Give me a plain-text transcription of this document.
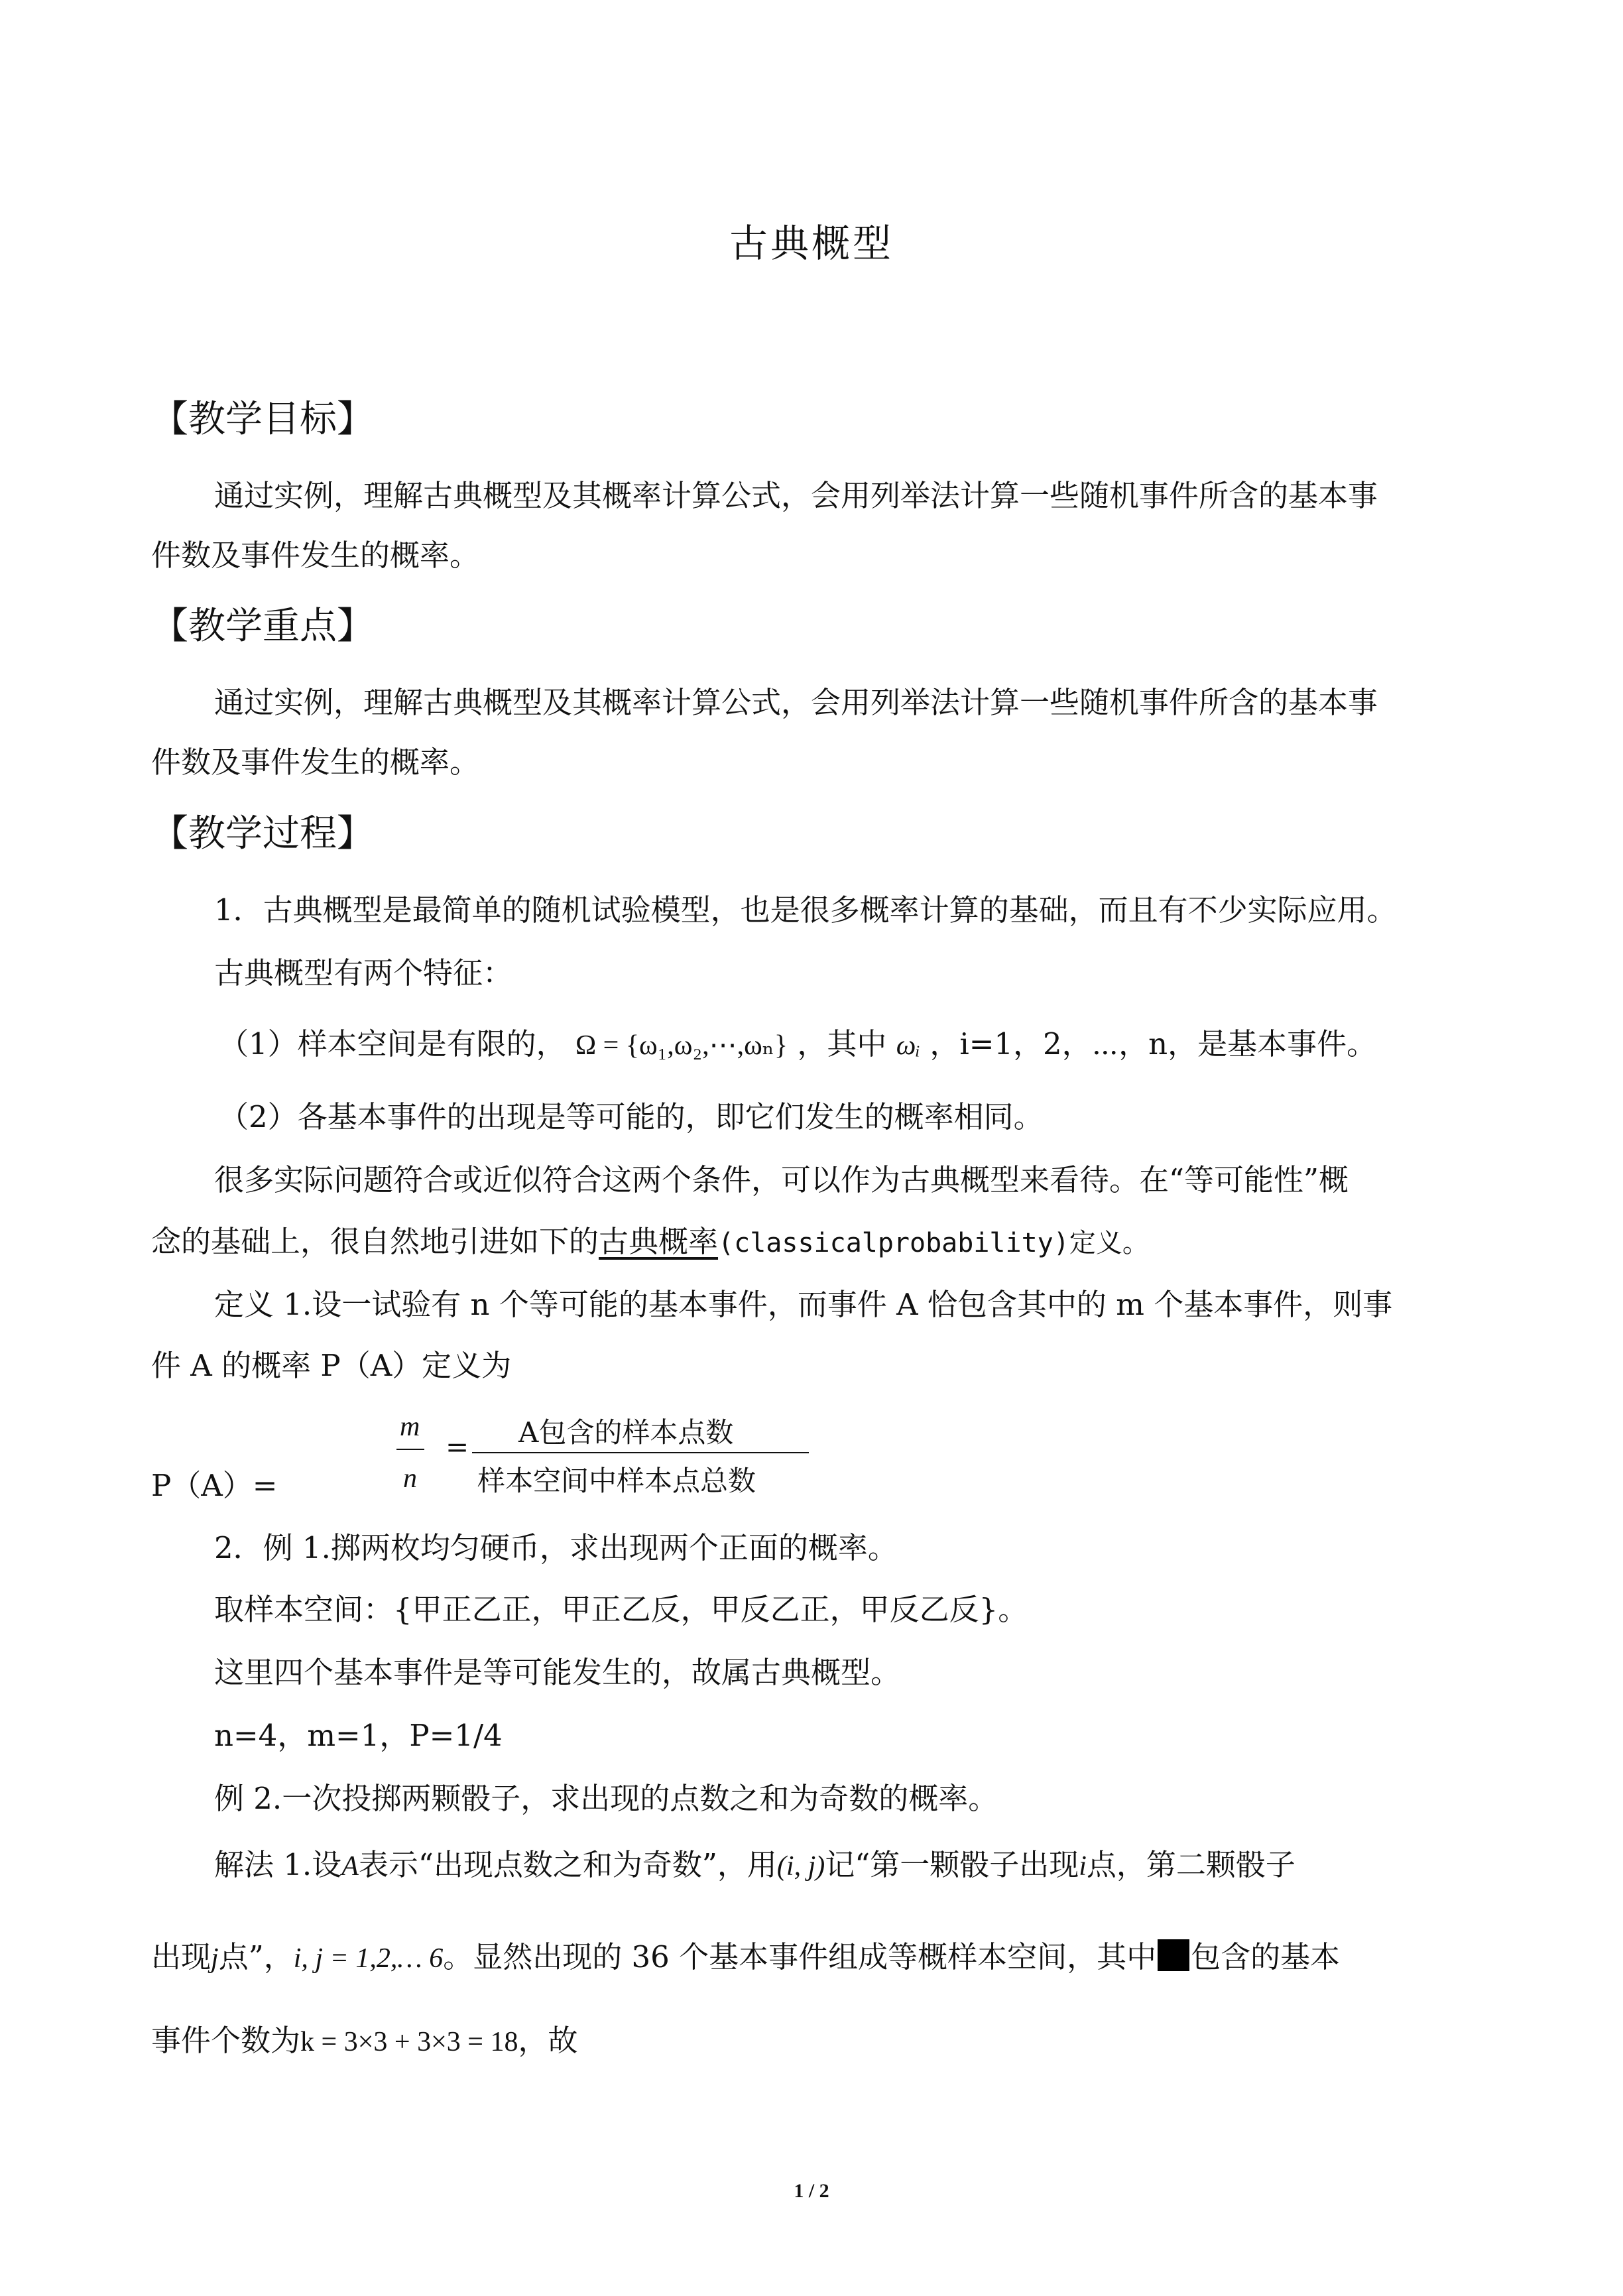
古典概型
【教学目标】
通过实例，理解古典概型及其概率计算公式，会用列举法计算一些随机事件所含的基本事
件数及事件发生的概率。
【教学重点】
通过实例，理解古典概型及其概率计算公式，会用列举法计算一些随机事件所含的基本事
件数及事件发生的概率。
【教学过程】
1．古典概型是最简单的随机试验模型，也是很多概率计算的基础，而且有不少实际应用。
古典概型有两个特征：
（1）样本空间是有限的， Ω = {ω₁,ω₂,⋯,ωₙ} ，其中 ωᵢ ，i=1，2，⋯，n，是基本事件。
（2）各基本事件的出现是等可能的，即它们发生的概率相同。
很多实际问题符合或近似符合这两个条件，可以作为古典概型来看待。在“等可能性”概
念的基础上，很自然地引进如下的古典概率(classicalprobability)定义。
定义 1.设一试验有 n 个等可能的基本事件，而事件 A 恰包含其中的 m 个基本事件，则事
件 A 的概率 P（A）定义为
P（A）=
m
n
= A包含的样本点数
样本空间中样本点总数
2．例 1.掷两枚均匀硬币，求出现两个正面的概率。
取样本空间：{甲正乙正，甲正乙反，甲反乙正，甲反乙反}。
这里四个基本事件是等可能发生的，故属古典概型。
n=4，m=1，P=1/4
例 2.一次投掷两颗骰子，求出现的点数之和为奇数的概率。
解法 1.设A表示“出现点数之和为奇数”，用(i, j)记“第一颗骰子出现i点，第二颗骰子
出现j点”，i, j = 1,2,… 6。显然出现的 36 个基本事件组成等概样本空间，其中 包含的基本
事件个数为k = 3×3 + 3×3 = 18，故
1 / 2
